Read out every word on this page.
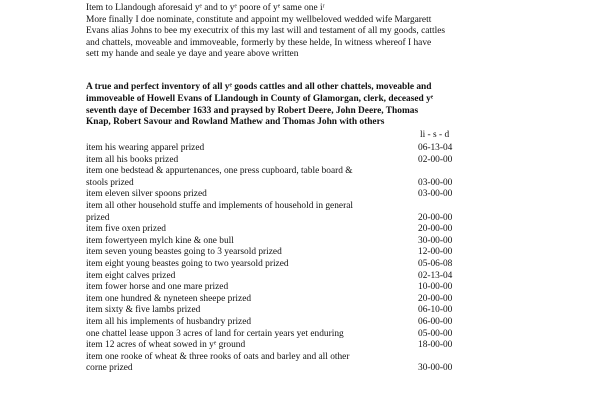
Item to Llandough aforesaid yᵉ and to yᵉ poore of yᵉ same one iʳ

More finally I doe nominate, constitute and appoint my wellbeloved wedded wife Margarett

Evans alias Johns to bee my executrix of this my last will and testament of all my goods, cattles

and chattels, moveable and immoveable, formerly by these helde, In witness whereof I have

sett my hande and seale ye daye and yeare above written

A true and perfect inventory of all yᵉ goods cattles and all other chattels, moveable and

immoveable of Howell Evans of Llandough in County of Glamorgan, clerk, deceased yᵉ

seventh daye of December 1633 and praysed by Robert Deere, John Deere, Thomas

Knap, Robert Savour and Rowland Mathew and Thomas John with others

li - s - d
item his wearing apparel prized	06-13-04
item all his books prized	02-00-00
item one bedstead & appurtenances, one press cupboard, table board &
stools prized	03-00-00
item eleven silver spoons prized	03-00-00
item all other household stuffe and implements of household in general
prized	20-00-00
item five oxen prized	20-00-00
item fowertyeen mylch kine & one bull	30-00-00
item seven young beastes going to 3 yearsold prized	12-00-00
item eight young beastes going to two yearsold prized	05-06-08
item eight calves prized	02-13-04
item fower horse and one mare prized	10-00-00
item one hundred & nyneteen sheepe prized	20-00-00
item sixty & five lambs prized	06-10-00
item all his implements of husbandry prized	06-00-00
one chattel lease uppon 3 acres of land for certain years yet enduring	05-00-00
item 12 acres of wheat sowed in yᵉ ground	18-00-00
item one rooke of wheat & three rooks of oats and barley and all other
corne prized	30-00-00
